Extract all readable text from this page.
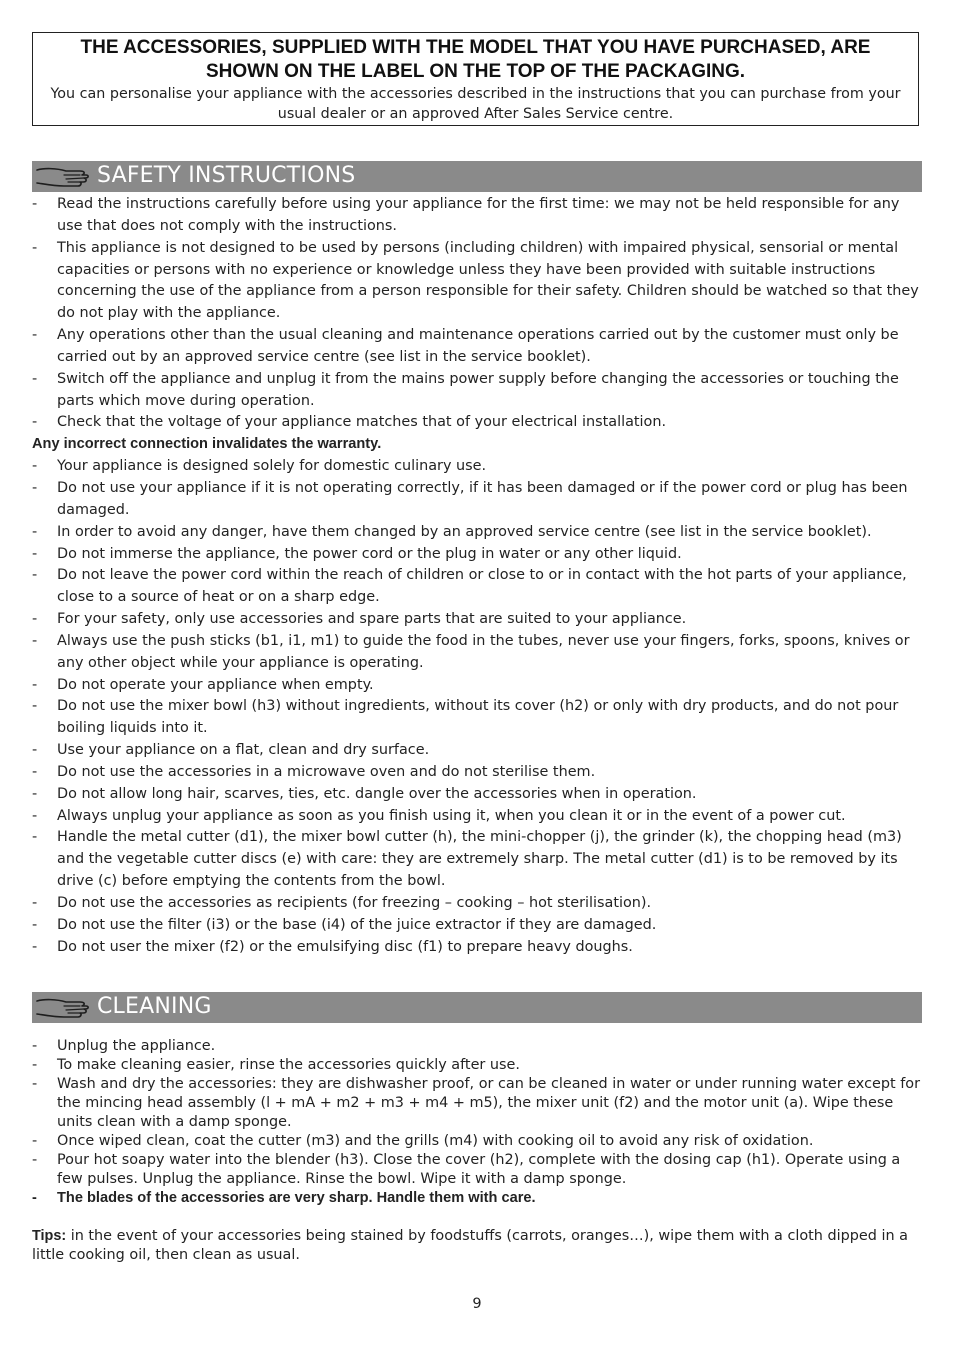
THE ACCESSORIES, SUPPLIED WITH THE MODEL THAT YOU HAVE PURCHASED, ARE
SHOWN ON THE LABEL ON THE TOP OF THE PACKAGING.
You can personalise your appliance with the accessories described in the instructions that you can purchase from your usual dealer or an approved After Sales Service centre.
SAFETY INSTRUCTIONS
- Read the instructions carefully before using your appliance for the first time: we may not be held responsible for any use that does not comply with the instructions.
- This appliance is not designed to be used by persons (including children) with impaired physical, sensorial or mental capacities or persons with no experience or knowledge unless they have been provided with suitable instructions concerning the use of the appliance from a person responsible for their safety. Children should be watched so that they do not play with the appliance.
- Any operations other than the usual cleaning and maintenance operations carried out by the customer must only be carried out by an approved service centre (see list in the service booklet).
- Switch off the appliance and unplug it from the mains power supply before changing the accessories or touching the parts which move during operation.
- Check that the voltage of your appliance matches that of your electrical installation.
Any incorrect connection invalidates the warranty.
- Your appliance is designed solely for domestic culinary use.
- Do not use your appliance if it is not operating correctly, if it has been damaged or if the power cord or plug has been damaged.
- In order to avoid any danger, have them changed by an approved service centre (see list in the service booklet).
- Do not immerse the appliance, the power cord or the plug in water or any other liquid.
- Do not leave the power cord within the reach of children or close to or in contact with the hot parts of your appliance, close to a source of heat or on a sharp edge.
- For your safety, only use accessories and spare parts that are suited to your appliance.
- Always use the push sticks (b1, i1, m1) to guide the food in the tubes, never use your fingers, forks, spoons, knives or any other object while your appliance is operating.
- Do not operate your appliance when empty.
- Do not use the mixer bowl (h3) without ingredients, without its cover (h2) or only with dry products, and do not pour boiling liquids into it.
- Use your appliance on a flat, clean and dry surface.
- Do not use the accessories in a microwave oven and do not sterilise them.
- Do not allow long hair, scarves, ties, etc. dangle over the accessories when in operation.
- Always unplug your appliance as soon as you finish using it, when you clean it or in the event of a power cut.
- Handle the metal cutter (d1), the mixer bowl cutter (h), the mini-chopper (j), the grinder (k), the chopping head (m3) and the vegetable cutter discs (e) with care: they are extremely sharp. The metal cutter (d1) is to be removed by its drive (c) before emptying the contents from the bowl.
- Do not use the accessories as recipients (for freezing – cooking – hot sterilisation).
- Do not use the filter (i3) or the base (i4) of the juice extractor if they are damaged.
- Do not user the mixer (f2) or the emulsifying disc (f1) to prepare heavy doughs.
CLEANING
- Unplug the appliance.
- To make cleaning easier, rinse the accessories quickly after use.
- Wash and dry the accessories: they are dishwasher proof, or can be cleaned in water or under running water except for the mincing head assembly (l + mA + m2 + m3 + m4 + m5), the mixer unit (f2) and the motor unit (a). Wipe these units clean with a damp sponge.
- Once wiped clean, coat the cutter (m3) and the grills (m4) with cooking oil to avoid any risk of oxidation.
- Pour hot soapy water into the blender (h3). Close the cover (h2), complete with the dosing cap (h1). Operate using a few pulses. Unplug the appliance. Rinse the bowl. Wipe it with a damp sponge.
- The blades of the accessories are very sharp. Handle them with care.
Tips: in the event of your accessories being stained by foodstuffs (carrots, oranges…), wipe them with a cloth dipped in a little cooking oil, then clean as usual.
9
